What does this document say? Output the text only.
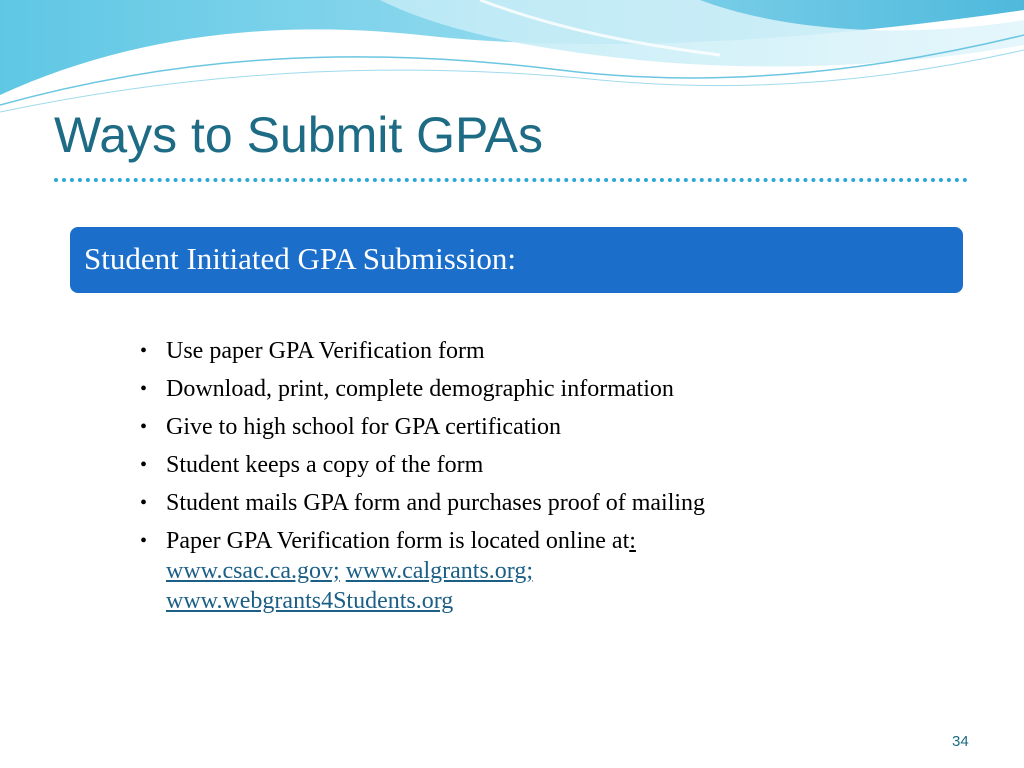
Ways to Submit GPAs
Student Initiated GPA Submission:
• Use paper GPA Verification form
• Download, print, complete demographic information
• Give to high school for GPA certification
• Student keeps a copy of the form
• Student mails GPA form and purchases proof of mailing
• Paper GPA Verification form is located online at:
www.csac.ca.gov; www.calgrants.org;
www.webgrants4Students.org
34
